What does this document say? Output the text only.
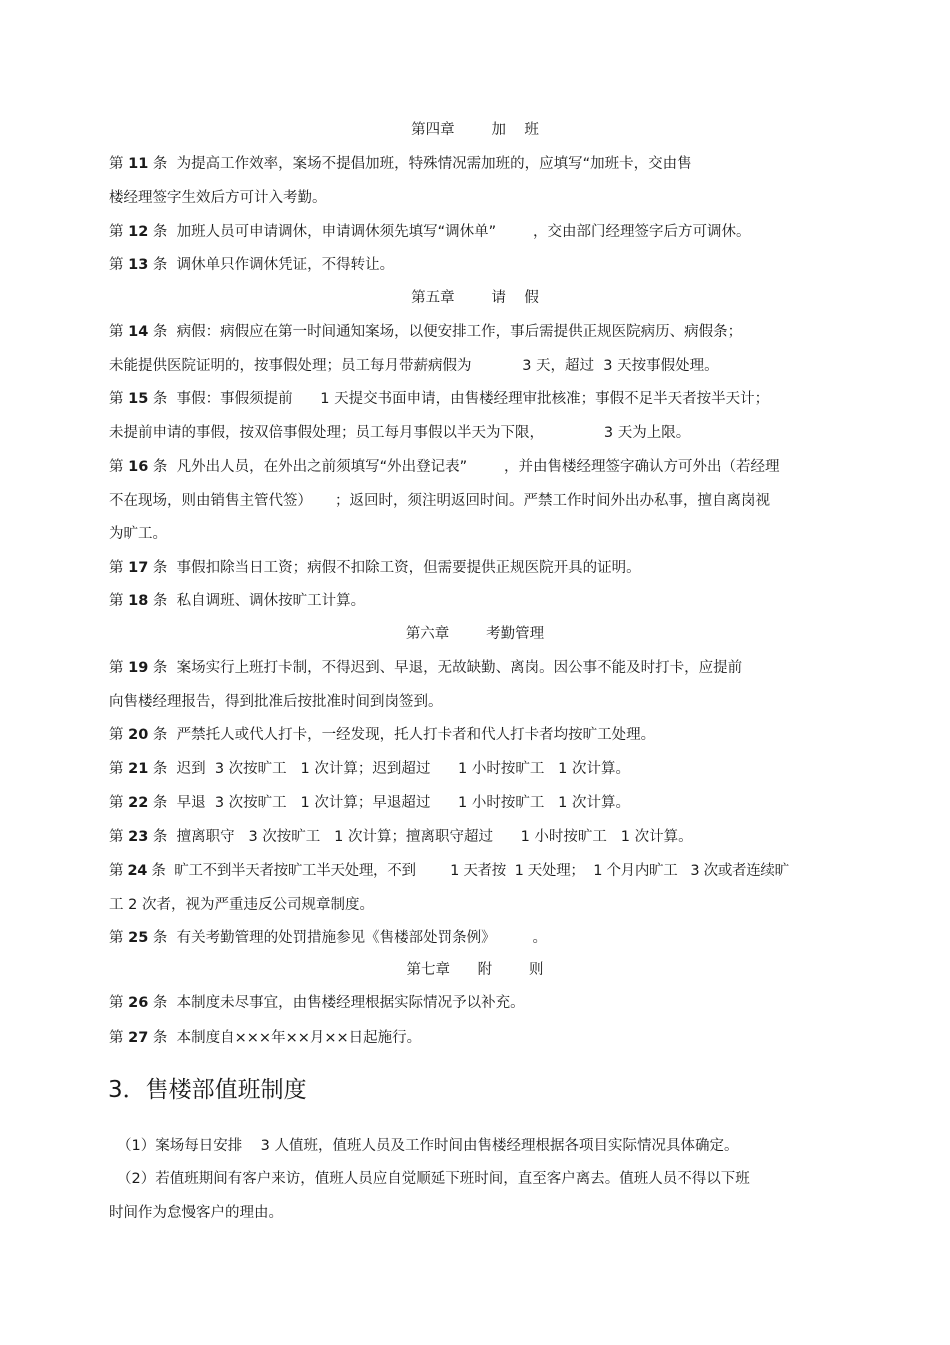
第四章        加    班
第 11 条  为提高工作效率，案场不提倡加班，特殊情况需加班的，应填写“加班卡，交由售
楼经理签字生效后方可计入考勤。
第 12 条  加班人员可申请调休，申请调休须先填写“调休单”        ，交由部门经理签字后方可调休。
第 13 条  调休单只作调休凭证，不得转让。
第五章        请    假
第 14 条  病假：病假应在第一时间通知案场，以便安排工作，事后需提供正规医院病历、病假条；
未能提供医院证明的，按事假处理；员工每月带薪病假为           3 天，超过  3 天按事假处理。
第 15 条  事假：事假须提前      1 天提交书面申请，由售楼经理审批核准；事假不足半天者按半天计；
未提前申请的事假，按双倍事假处理；员工每月事假以半天为下限，             3 天为上限。
第 16 条  凡外出人员，在外出之前须填写“外出登记表”        ，并由售楼经理签字确认方可外出（若经理
不在现场，则由销售主管代签）     ；返回时，须注明返回时间。严禁工作时间外出办私事，擅自离岗视
为旷工。
第 17 条  事假扣除当日工资；病假不扣除工资，但需要提供正规医院开具的证明。
第 18 条  私自调班、调休按旷工计算。
第六章        考勤管理
第 19 条  案场实行上班打卡制，不得迟到、早退，无故缺勤、离岗。因公事不能及时打卡，应提前
向售楼经理报告，得到批准后按批准时间到岗签到。
第 20 条  严禁托人或代人打卡，一经发现，托人打卡者和代人打卡者均按旷工处理。
第 21 条  迟到  3 次按旷工   1 次计算；迟到超过      1 小时按旷工   1 次计算。
第 22 条  早退  3 次按旷工   1 次计算；早退超过      1 小时按旷工   1 次计算。
第 23 条  擅离职守   3 次按旷工   1 次计算；擅离职守超过      1 小时按旷工   1 次计算。
第 24 条  旷工不到半天者按旷工半天处理，不到        1 天者按  1 天处理；  1 个月内旷工   3 次或者连续旷
工 2 次者，视为严重违反公司规章制度。
第 25 条  有关考勤管理的处罚措施参见《售楼部处罚条例》        。
第七章      附        则
第 26 条  本制度未尽事宜，由售楼经理根据实际情况予以补充。
第 27 条  本制度自×××年××月××日起施行。
3．售楼部值班制度
（1）案场每日安排    3 人值班，值班人员及工作时间由售楼经理根据各项目实际情况具体确定。
（2）若值班期间有客户来访，值班人员应自觉顺延下班时间，直至客户离去。值班人员不得以下班
时间作为怠慢客户的理由。
